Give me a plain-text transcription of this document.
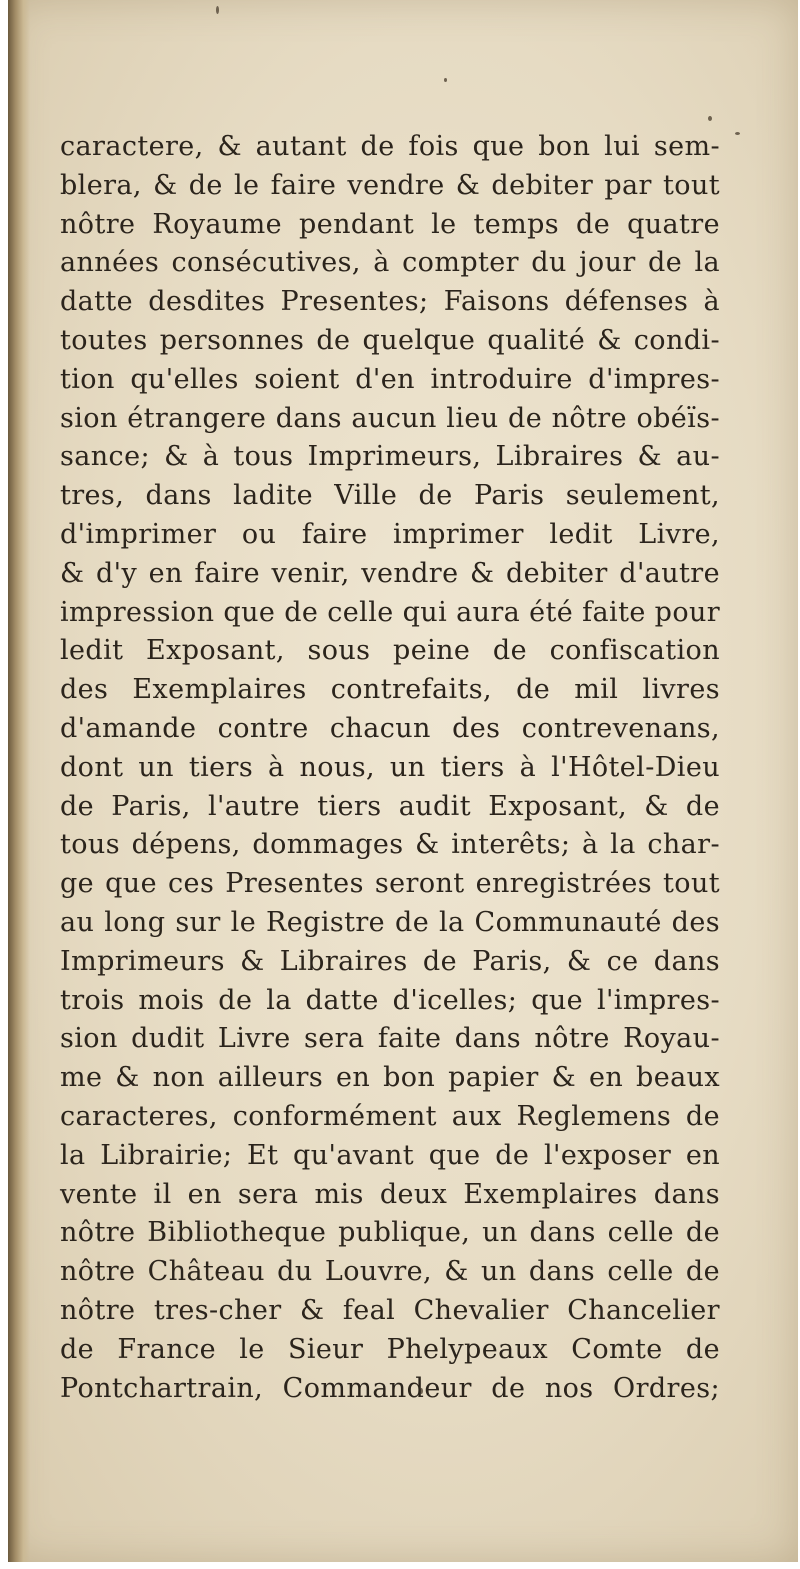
caractere, & autant de fois que bon lui sem-
blera, & de le faire vendre & debiter par tout
nôtre Royaume pendant le temps de quatre
années consécutives, à compter du jour de la
datte desdites Presentes; Faisons défenses à
toutes personnes de quelque qualité & condi-
tion qu'elles soient d'en introduire d'impres-
sion étrangere dans aucun lieu de nôtre obéïs-
sance; & à tous Imprimeurs, Libraires & au-
tres, dans ladite Ville de Paris seulement,
d'imprimer ou faire imprimer ledit Livre,
& d'y en faire venir, vendre & debiter d'autre
impression que de celle qui aura été faite pour
ledit Exposant, sous peine de confiscation
des Exemplaires contrefaits, de mil livres
d'amande contre chacun des contrevenans,
dont un tiers à nous, un tiers à l'Hôtel-Dieu
de Paris, l'autre tiers audit Exposant, & de
tous dépens, dommages & interêts; à la char-
ge que ces Presentes seront enregistrées tout
au long sur le Registre de la Communauté des
Imprimeurs & Libraires de Paris, & ce dans
trois mois de la datte d'icelles; que l'impres-
sion dudit Livre sera faite dans nôtre Royau-
me & non ailleurs en bon papier & en beaux
caracteres, conformément aux Reglemens de
la Librairie; Et qu'avant que de l'exposer en
vente il en sera mis deux Exemplaires dans
nôtre Bibliotheque publique, un dans celle de
nôtre Château du Louvre, & un dans celle de
nôtre tres-cher & feal Chevalier Chancelier
de France le Sieur Phelypeaux Comte de
Pontchartrain, Commandeur de nos Ordres;
